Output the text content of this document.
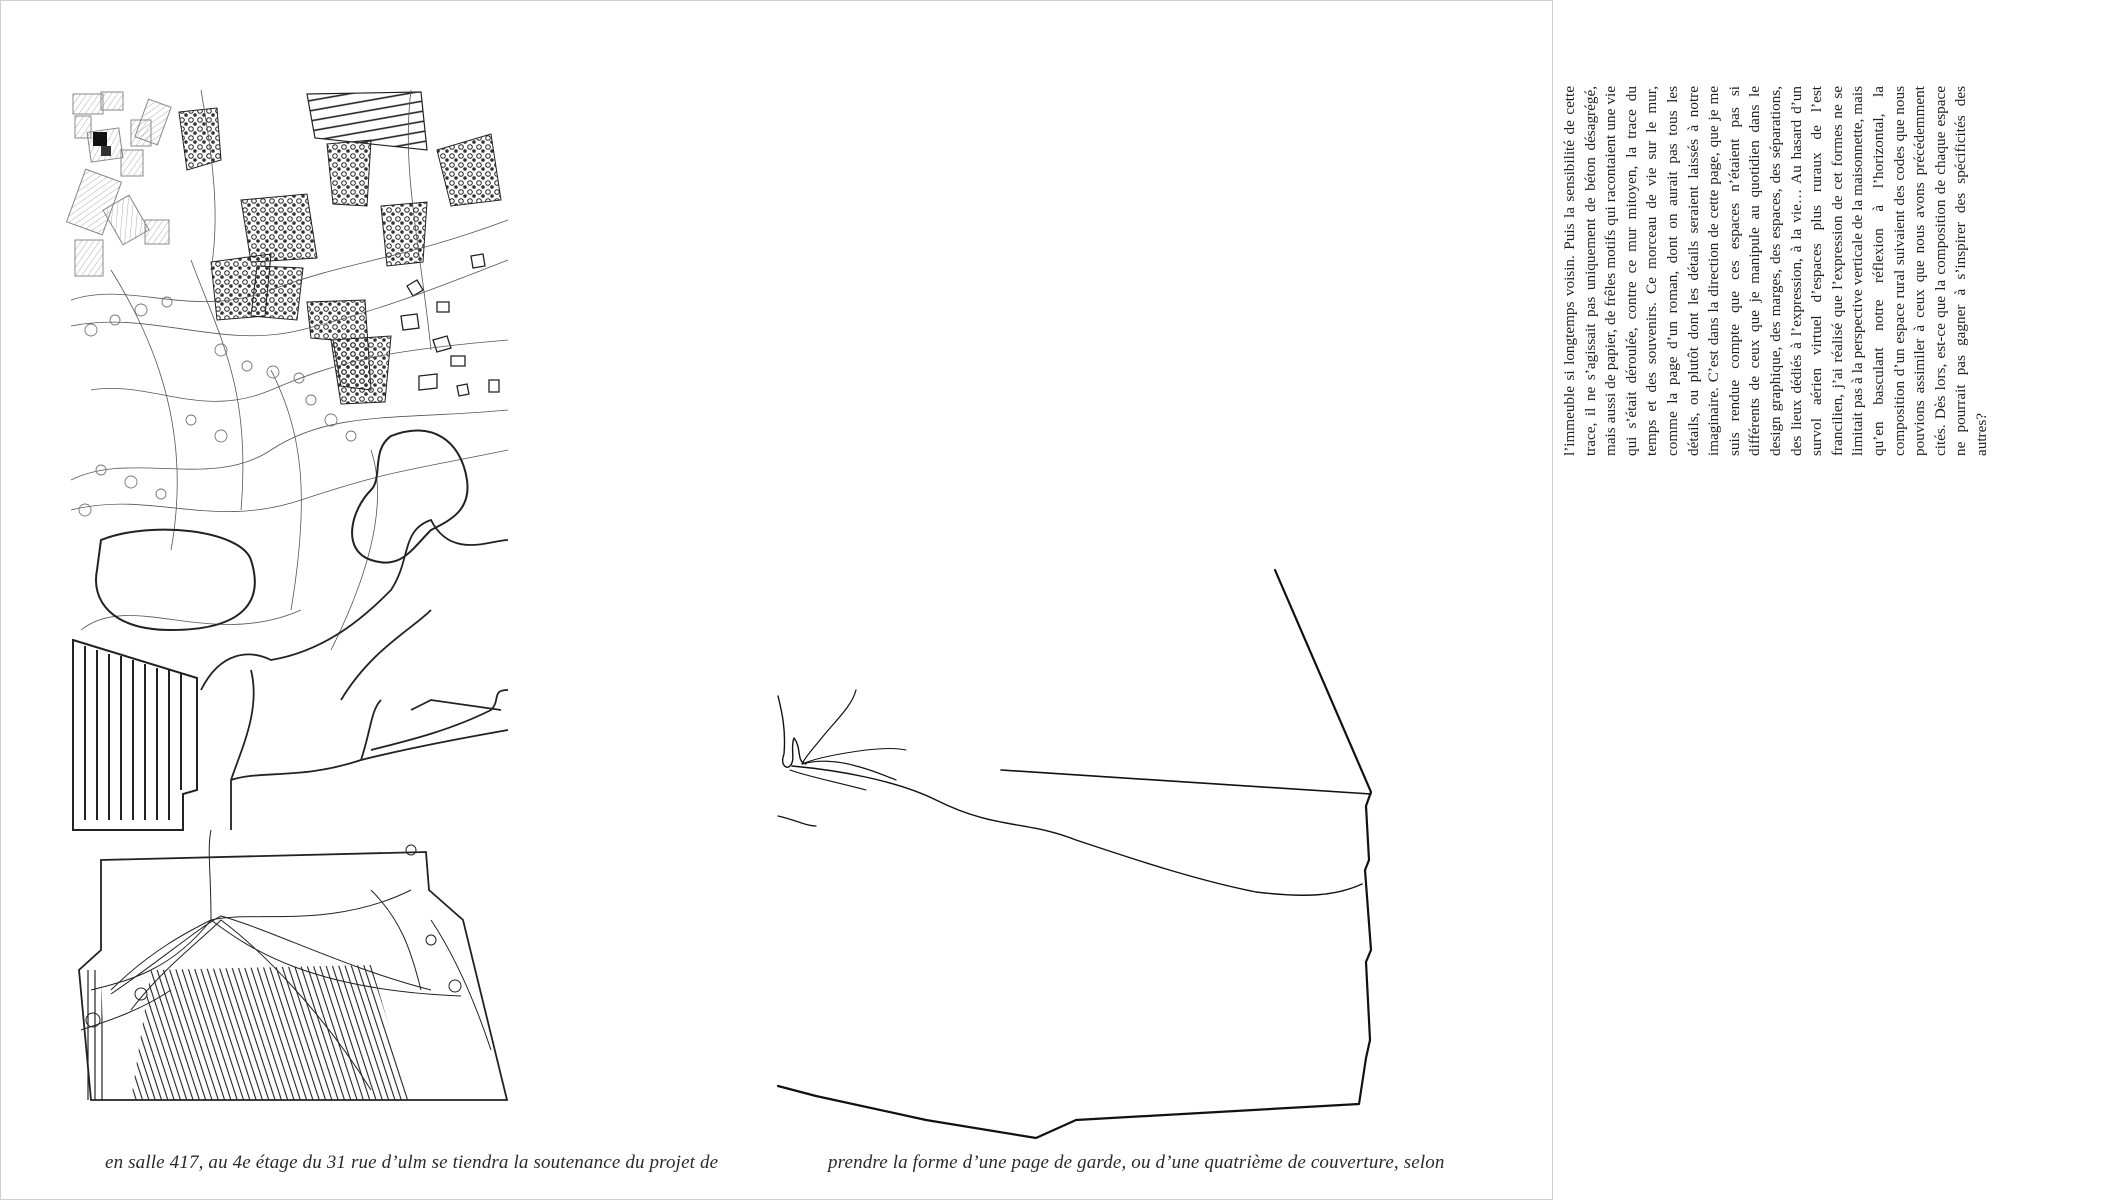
en salle 417, au 4e étage du 31 rue d’ulm se tiendra la soutenance du projet de

l’immeuble si longtemps voisin. Puis la sensibilité de cette trace, il ne s’agissait pas uniquement de béton désagrégé, mais aussi de papier, de frêles motifs qui racontaient une vie qui s’était déroulée, contre ce mur mitoyen, la trace du temps et des souvenirs. Ce morceau de vie sur le mur, comme la page d’un roman, dont on aurait pas tous les détails, ou plutôt dont les détails seraient laissés à notre imaginaire. C’est dans la direction de cette page, que je me suis rendue compte que ces espaces n’étaient pas si différents de ceux que je manipule au quotidien dans le design graphique, des marges, des espaces, des séparations, des lieux dédiés à l’expression, à la vie… Au hasard d’un survol aérien virtuel d’espaces plus ruraux de l’est francilien, j’ai réalisé que l’expression de cet formes ne se limitait pas à la perspective verticale de la maisonnette, mais qu’en basculant notre réflexion à l’horizontal, la composition d’un espace rural suivaient des codes que nous pouvions assimiler à ceux que nous avons précédemment cités. Dès lors, est-ce que la composition de chaque espace ne pourrait pas gagner à s’inspirer des spécificités des autres?

prendre la forme d’une page de garde, ou d’une quatrième de couverture, selon
